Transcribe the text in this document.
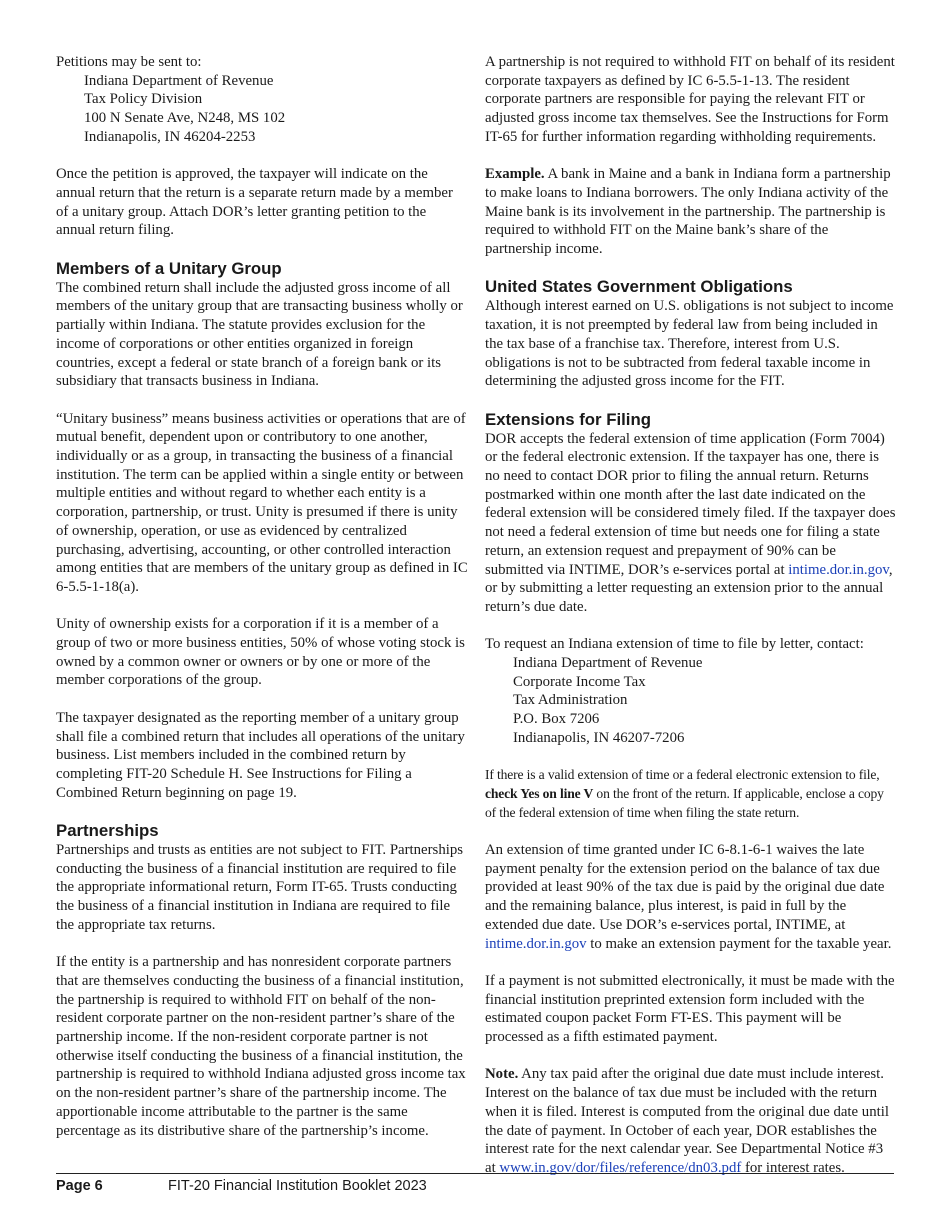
Petitions may be sent to:
Indiana Department of Revenue
Tax Policy Division
100 N Senate Ave, N248, MS 102
Indianapolis, IN 46204-2253

Once the petition is approved, the taxpayer will indicate on the annual return that the return is a separate return made by a member of a unitary group. Attach DOR’s letter granting petition to the annual return filing.

Members of a Unitary Group

The combined return shall include the adjusted gross income of all members of the unitary group that are transacting business wholly or partially within Indiana. The statute provides exclusion for the income of corporations or other entities organized in foreign countries, except a federal or state branch of a foreign bank or its subsidiary that transacts business in Indiana.

“Unitary business” means business activities or operations that are of mutual benefit, dependent upon or contributory to one another, individually or as a group, in transacting the business of a financial institution. The term can be applied within a single entity or between multiple entities and without regard to whether each entity is a corporation, partnership, or trust. Unity is presumed if there is unity of ownership, operation, or use as evidenced by centralized purchasing, advertising, accounting, or other controlled interaction among entities that are members of the unitary group as defined in IC 6-5.5-1-18(a).

Unity of ownership exists for a corporation if it is a member of a group of two or more business entities, 50% of whose voting stock is owned by a common owner or owners or by one or more of the member corporations of the group.

The taxpayer designated as the reporting member of a unitary group shall file a combined return that includes all operations of the unitary business. List members included in the combined return by completing FIT-20 Schedule H. See Instructions for Filing a Combined Return beginning on page 19.

Partnerships

Partnerships and trusts as entities are not subject to FIT. Partnerships conducting the business of a financial institution are required to file the appropriate informational return, Form IT-65. Trusts conducting the business of a financial institution in Indiana are required to file the appropriate tax returns.

If the entity is a partnership and has nonresident corporate partners that are themselves conducting the business of a financial institution, the partnership is required to withhold FIT on behalf of the non-resident corporate partner on the non-resident partner’s share of the partnership income. If the non-resident corporate partner is not otherwise itself conducting the business of a financial institution, the partnership is required to withhold Indiana adjusted gross income tax on the non-resident partner’s share of the partnership income. The apportionable income attributable to the partner is the same percentage as its distributive share of the partnership’s income.

A partnership is not required to withhold FIT on behalf of its resident corporate taxpayers as defined by IC 6-5.5-1-13. The resident corporate partners are responsible for paying the relevant FIT or adjusted gross income tax themselves. See the Instructions for Form IT-65 for further information regarding withholding requirements.

Example. A bank in Maine and a bank in Indiana form a partnership to make loans to Indiana borrowers. The only Indiana activity of the Maine bank is its involvement in the partnership. The partnership is required to withhold FIT on the Maine bank’s share of the partnership income.

United States Government Obligations

Although interest earned on U.S. obligations is not subject to income taxation, it is not preempted by federal law from being included in the tax base of a franchise tax. Therefore, interest from U.S. obligations is not to be subtracted from federal taxable income in determining the adjusted gross income for the FIT.

Extensions for Filing

DOR accepts the federal extension of time application (Form 7004) or the federal electronic extension. If the taxpayer has one, there is no need to contact DOR prior to filing the annual return. Returns postmarked within one month after the last date indicated on the federal extension will be considered timely filed. If the taxpayer does not need a federal extension of time but needs one for filing a state return, an extension request and prepayment of 90% can be submitted via INTIME, DOR’s e-services portal at intime.dor.in.gov, or by submitting a letter requesting an extension prior to the annual return’s due date.

To request an Indiana extension of time to file by letter, contact:
Indiana Department of Revenue
Corporate Income Tax
Tax Administration
P.O. Box 7206
Indianapolis, IN 46207-7206

If there is a valid extension of time or a federal electronic extension to file, check Yes on line V on the front of the return. If applicable, enclose a copy of the federal extension of time when filing the state return.

An extension of time granted under IC 6-8.1-6-1 waives the late payment penalty for the extension period on the balance of tax due provided at least 90% of the tax due is paid by the original due date and the remaining balance, plus interest, is paid in full by the extended due date. Use DOR’s e-services portal, INTIME, at intime.dor.in.gov to make an extension payment for the taxable year.

If a payment is not submitted electronically, it must be made with the financial institution preprinted extension form included with the estimated coupon packet Form FT-ES. This payment will be processed as a fifth estimated payment.

Note. Any tax paid after the original due date must include interest. Interest on the balance of tax due must be included with the return when it is filed. Interest is computed from the original due date until the date of payment. In October of each year, DOR establishes the interest rate for the next calendar year. See Departmental Notice #3 at www.in.gov/dor/files/reference/dn03.pdf for interest rates.

Page 6	FIT-20 Financial Institution Booklet 2023
